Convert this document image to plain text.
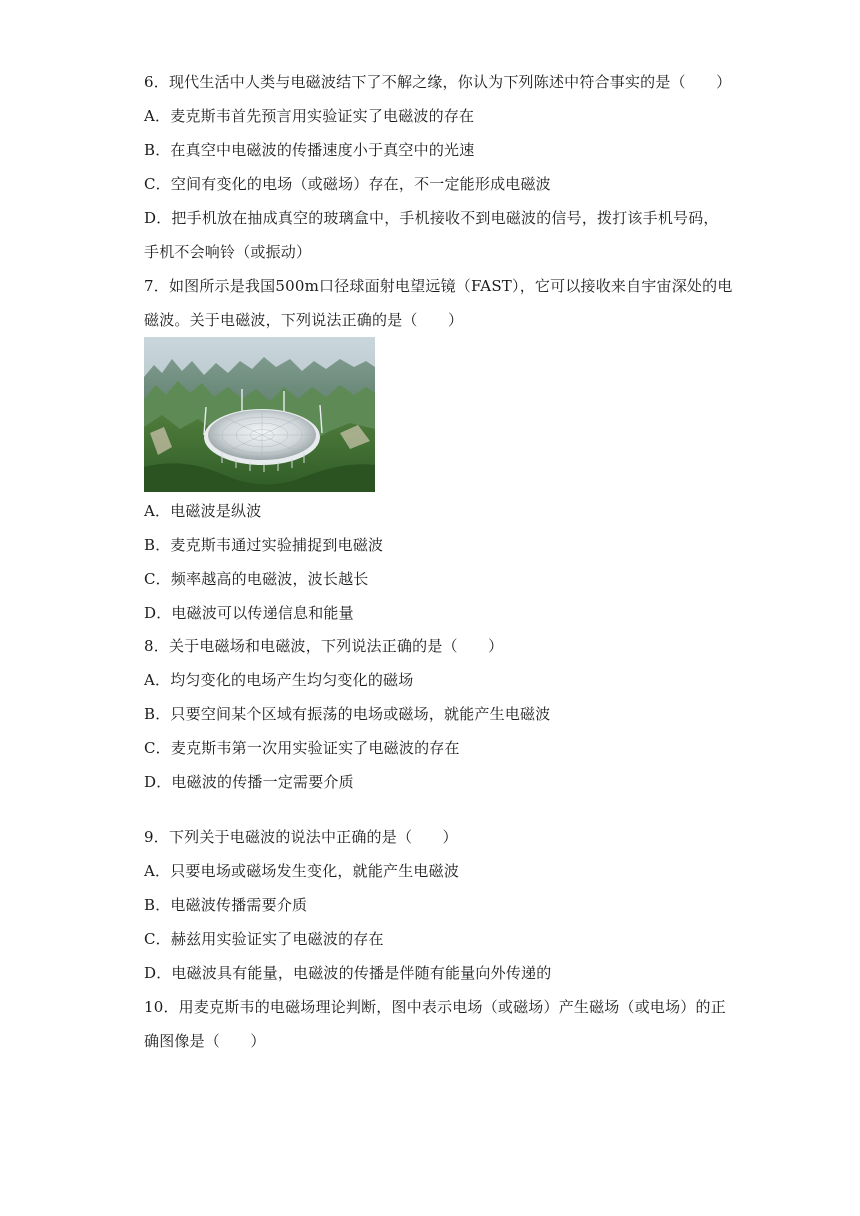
6．现代生活中人类与电磁波结下了不解之缘，你认为下列陈述中符合事实的是（　　）
A．麦克斯韦首先预言用实验证实了电磁波的存在
B．在真空中电磁波的传播速度小于真空中的光速
C．空间有变化的电场（或磁场）存在，不一定能形成电磁波
D．把手机放在抽成真空的玻璃盒中，手机接收不到电磁波的信号，拨打该手机号码，
手机不会响铃（或振动）
7．如图所示是我国500m口径球面射电望远镜（FAST），它可以接收来自宇宙深处的电
磁波。关于电磁波，下列说法正确的是（　　）
A．电磁波是纵波
B．麦克斯韦通过实验捕捉到电磁波
C．频率越高的电磁波，波长越长
D．电磁波可以传递信息和能量
8．关于电磁场和电磁波，下列说法正确的是（　　）
A．均匀变化的电场产生均匀变化的磁场
B．只要空间某个区域有振荡的电场或磁场，就能产生电磁波
C．麦克斯韦第一次用实验证实了电磁波的存在
D．电磁波的传播一定需要介质
9．下列关于电磁波的说法中正确的是（　　）
A．只要电场或磁场发生变化，就能产生电磁波
B．电磁波传播需要介质
C．赫兹用实验证实了电磁波的存在
D．电磁波具有能量，电磁波的传播是伴随有能量向外传递的
10．用麦克斯韦的电磁场理论判断，图中表示电场（或磁场）产生磁场（或电场）的正
确图像是（　　）
